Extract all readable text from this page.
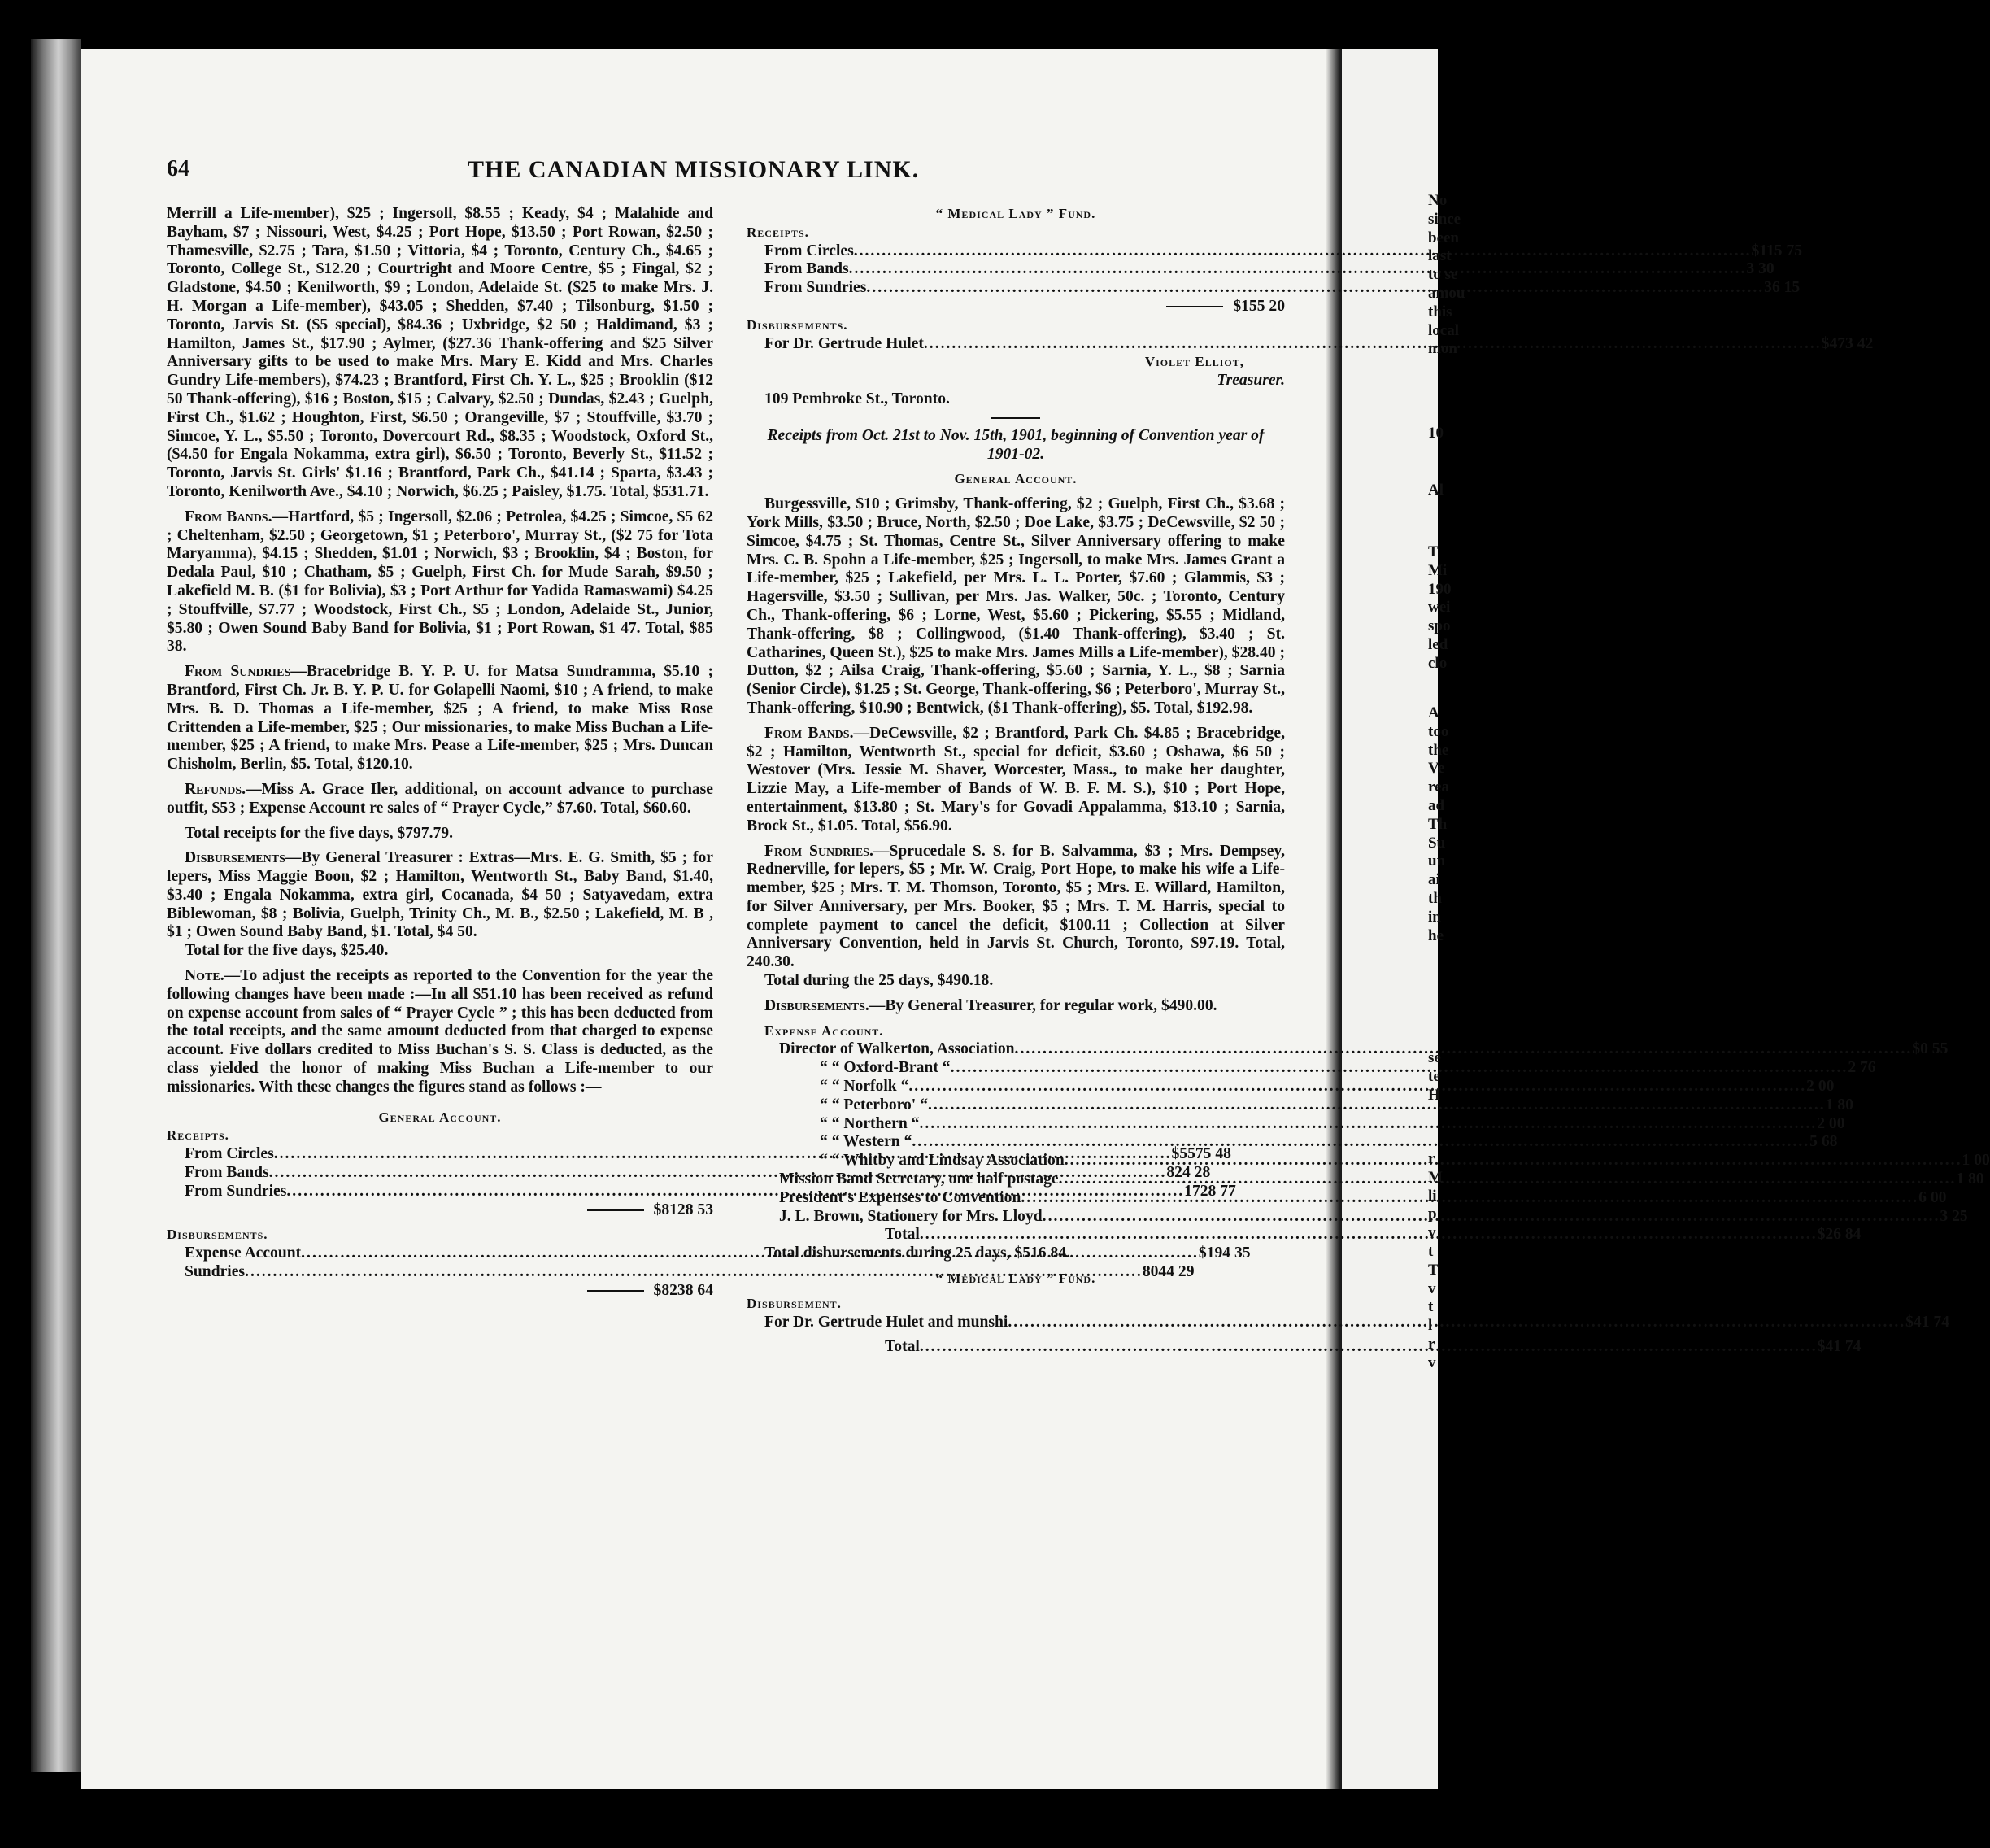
64	THE CANADIAN MISSIONARY LINK.

Merrill a Life-member), $25 ; Ingersoll, $8.55 ; Keady, $4 ; Malahide and Bayham, $7 ; Nissouri, West, $4.25 ; Port Hope, $13.50 ; Port Rowan, $2.50 ; Thamesville, $2.75 ; Tara, $1.50 ; Vittoria, $4 ; Toronto, Century Ch., $4.65 ; Toronto, College St., $12.20 ; Courtright and Moore Centre, $5 ; Fingal, $2 ; Gladstone, $4.50 ; Kenilworth, $9 ; London, Adelaide St. ($25 to make Mrs. J. H. Morgan a Life-member), $43.05 ; Shedden, $7.40 ; Tilsonburg, $1.50 ; Toronto, Jarvis St. ($5 special), $84.36 ; Uxbridge, $2 50 ; Haldimand, $3 ; Hamilton, James St., $17.90 ; Aylmer, ($27.36 Thank-offering and $25 Silver Anniversary gifts to be used to make Mrs. Mary E. Kidd and Mrs. Charles Gundry Life-members), $74.23 ; Brantford, First Ch. Y. L., $25 ; Brooklin ($12 50 Thank-offering), $16 ; Boston, $15 ; Calvary, $2.50 ; Dundas, $2.43 ; Guelph, First Ch., $1.62 ; Houghton, First, $6.50 ; Orangeville, $7 ; Stouffville, $3.70 ; Simcoe, Y. L., $5.50 ; Toronto, Dovercourt Rd., $8.35 ; Woodstock, Oxford St., ($4.50 for Engala Nokamma, extra girl), $6.50 ; Toronto, Beverly St., $11.52 ; Toronto, Jarvis St. Girls' $1.16 ; Brantford, Park Ch., $41.14 ; Sparta, $3.43 ; Toronto, Kenilworth Ave., $4.10 ; Norwich, $6.25 ; Paisley, $1.75. Total, $531.71.

From Bands.—Hartford, $5 ; Ingersoll, $2.06 ; Petrolea, $4.25 ; Simcoe, $5 62 ; Cheltenham, $2.50 ; Georgetown, $1 ; Peterboro', Murray St., ($2 75 for Tota Maryamma), $4.15 ; Shedden, $1.01 ; Norwich, $3 ; Brooklin, $4 ; Boston, for Dedala Paul, $10 ; Chatham, $5 ; Guelph, First Ch. for Mude Sarah, $9.50 ; Lakefield M. B. ($1 for Bolivia), $3 ; Port Arthur for Yadida Ramaswami) $4.25 ; Stouffville, $7.77 ; Woodstock, First Ch., $5 ; London, Adelaide St., Junior, $5.80 ; Owen Sound Baby Band for Bolivia, $1 ; Port Rowan, $1 47. Total, $85 38.

From Sundries—Bracebridge B. Y. P. U. for Matsa Sundramma, $5.10 ; Brantford, First Ch. Jr. B. Y. P. U. for Golapelli Naomi, $10 ; A friend, to make Mrs. B. D. Thomas a Life-member, $25 ; A friend, to make Miss Rose Crittenden a Life-member, $25 ; Our missionaries, to make Miss Buchan a Life-member, $25 ; A friend, to make Mrs. Pease a Life-member, $25 ; Mrs. Duncan Chisholm, Berlin, $5. Total, $120.10.

Refunds.—Miss A. Grace Iler, additional, on account advance to purchase outfit, $53 ; Expense Account re sales of “ Prayer Cycle,” $7.60. Total, $60.60.

Total receipts for the five days, $797.79.

Disbursements—By General Treasurer : Extras—Mrs. E. G. Smith, $5 ; for lepers, Miss Maggie Boon, $2 ; Hamilton, Wentworth St., Baby Band, $1.40, $3.40 ; Engala Nokamma, extra girl, Cocanada, $4 50 ; Satyavedam, extra Biblewoman, $8 ; Bolivia, Guelph, Trinity Ch., M. B., $2.50 ; Lakefield, M. B , $1 ; Owen Sound Baby Band, $1. Total, $4 50.

Total for the five days, $25.40.

Note.—To adjust the receipts as reported to the Convention for the year the following changes have been made :—In all $51.10 has been received as refund on expense account from sales of “ Prayer Cycle ” ; this has been deducted from the total receipts, and the same amount deducted from that charged to expense account. Five dollars credited to Miss Buchan's S. S. Class is deducted, as the class yielded the honor of making Miss Buchan a Life-member to our missionaries. With these changes the figures stand as follows :—

General Account.

Receipts.

From Circles .....	$5575 48
From Bands .....	824 28
From Sundries .....	1728 77
$8128 53

Disbursements.

Expense Account .....	$194 35
Sundries .....	8044 29
$8238 64

“ Medical Lady ” Fund.

Receipts.

From Circles .....	$115 75
From Bands .....	3 30
From Sundries .....	36 15
$155 20

Disbursements.

For Dr. Gertrude Hulet .....	$473 42

Violet Elliot,

Treasurer.

109 Pembroke St., Toronto.

Receipts from Oct. 21st to Nov. 15th, 1901, beginning of Convention year of 1901-02.

General Account.

Burgessville, $10 ; Grimsby, Thank-offering, $2 ; Guelph, First Ch., $3.68 ; York Mills, $3.50 ; Bruce, North, $2.50 ; Doe Lake, $3.75 ; DeCewsville, $2 50 ; Simcoe, $4.75 ; St. Thomas, Centre St., Silver Anniversary offering to make Mrs. C. B. Spohn a Life-member, $25 ; Ingersoll, to make Mrs. James Grant a Life-member, $25 ; Lakefield, per Mrs. L. L. Porter, $7.60 ; Glammis, $3 ; Hagersville, $3.50 ; Sullivan, per Mrs. Jas. Walker, 50c. ; Toronto, Century Ch., Thank-offering, $6 ; Lorne, West, $5.60 ; Pickering, $5.55 ; Midland, Thank-offering, $8 ; Collingwood, ($1.40 Thank-offering), $3.40 ; St. Catharines, Queen St.), $25 to make Mrs. James Mills a Life-member), $28.40 ; Dutton, $2 ; Ailsa Craig, Thank-offering, $5.60 ; Sarnia, Y. L., $8 ; Sarnia (Senior Circle), $1.25 ; St. George, Thank-offering, $6 ; Peterboro', Murray St., Thank-offering, $10.90 ; Bentwick, ($1 Thank-offering), $5. Total, $192.98.

From Bands.—DeCewsville, $2 ; Brantford, Park Ch. $4.85 ; Bracebridge, $2 ; Hamilton, Wentworth St., special for deficit, $3.60 ; Oshawa, $6 50 ; Westover (Mrs. Jessie M. Shaver, Worcester, Mass., to make her daughter, Lizzie May, a Life-member of Bands of W. B. F. M. S.), $10 ; Port Hope, entertainment, $13.80 ; St. Mary's for Govadi Appalamma, $13.10 ; Sarnia, Brock St., $1.05. Total, $56.90.

From Sundries.—Sprucedale S. S. for B. Salvamma, $3 ; Mrs. Dempsey, Rednerville, for lepers, $5 ; Mr. W. Craig, Port Hope, to make his wife a Life-member, $25 ; Mrs. T. M. Thomson, Toronto, $5 ; Mrs. E. Willard, Hamilton, for Silver Anniversary, per Mrs. Booker, $5 ; Mrs. T. M. Harris, special to complete payment to cancel the deficit, $100.11 ; Collection at Silver Anniversary Convention, held in Jarvis St. Church, Toronto, $97.19. Total, 240.30.

Total during the 25 days, $490.18.

Disbursements.—By General Treasurer, for regular work, $490.00.

Expense Account.

Director of Walkerton, Association .....	$0 55
“ “ Oxford-Brant “ .....	2 76
“ “ Norfolk “ .....	2 00
“ “ Peterboro' “ .....	1 80
“ “ Northern “ .....	2 00
“ “ Western “ .....	5 68
“ “ Whitby and Lindsay Association .....	1 00
Mission Band Secretary, one half postage .....	1 80
President's Expenses to Convention .....	6 00
J. L. Brown, Stationery for Mrs. Lloyd .....	3 25
Total .....	$26 84

Total disbursements during 25 days, $516 84.

“ Medical Lady ” Fund.

Disbursement.

For Dr. Gertrude Hulet and munshi .....	$41 74
Total .....	$41 74
No
since
been
last
to se
amou
this
local
mon
10
Al
T
Mi
190
wei
spo
led
clo
A
too
the
Ve
rea
ad
Th
Su
un
ai
th
in
he
se
te
H
r
M
li
p
v
t
T
v
t
l
r
v
